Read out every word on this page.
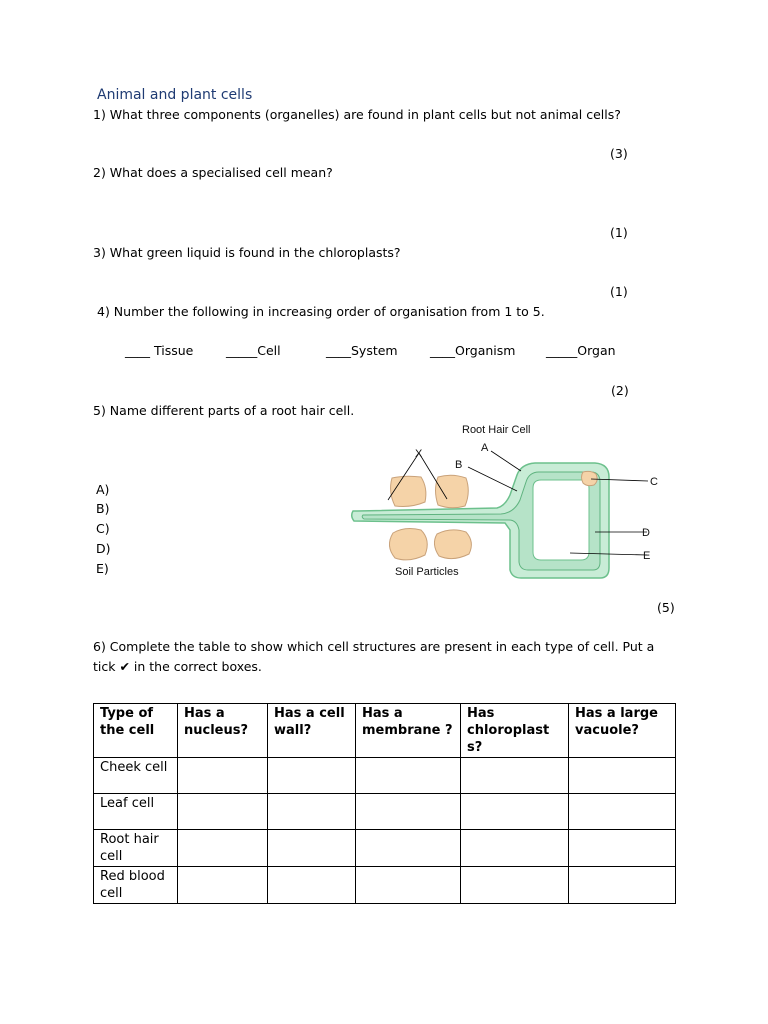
Animal and plant cells
1) What three components (organelles) are found in plant cells but not animal cells?
(3)
2) What does a specialised cell mean?
(1)
3) What green liquid is found in the chloroplasts?
(1)
4) Number the following in increasing order of organisation from 1 to 5.
____ Tissue	_____Cell	____System	____Organism _____Organ
(2)
5) Name different parts of a root hair cell.
A)
B)
C)
D)
E)
Root Hair Cell
A
B
C
D
E
X
Soil Particles
(5)
6) Complete the table to show which cell structures are present in each type of cell. Put a
tick ✔ in the correct boxes.
Type of the cell	Has a nucleus?	Has a cell wall?	Has a membrane ?	Has chloroplast s?	Has a large vacuole?
Cheek cell					
Leaf cell					
Root hair cell					
Red blood cell					
